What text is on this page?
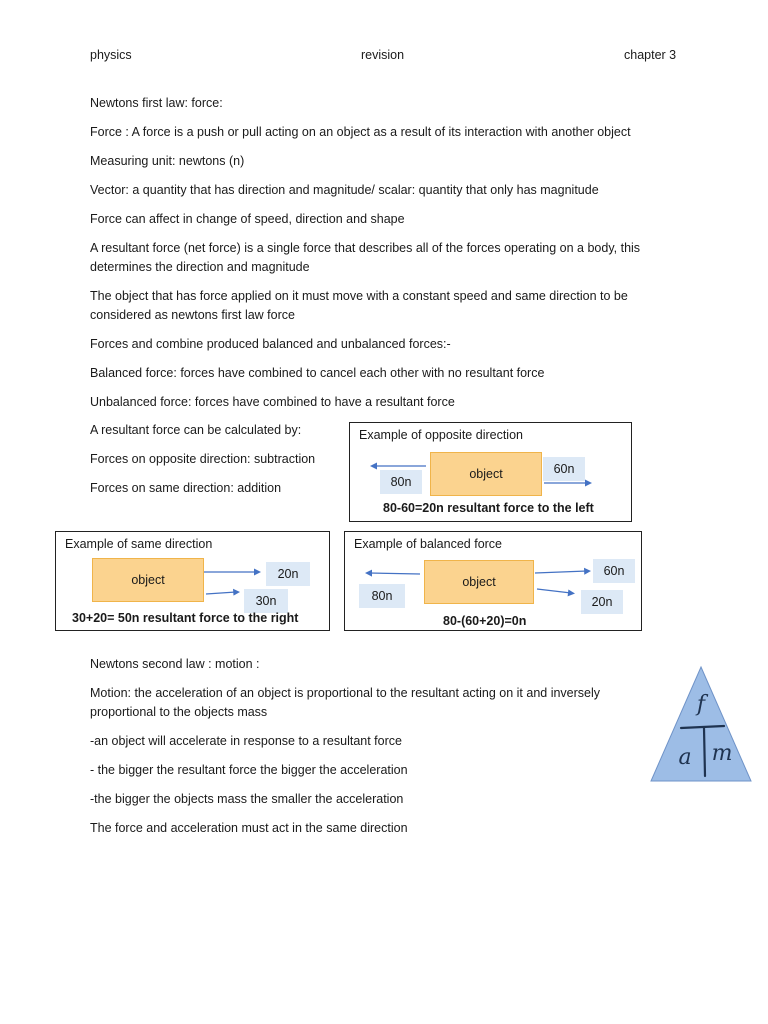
physics	revision	chapter 3
Newtons first law: force:
Force : A force is a push or pull acting on an object as a result of its interaction with another object
Measuring unit: newtons (n)
Vector: a quantity that has direction and magnitude/ scalar: quantity that only has magnitude
Force can affect in change of speed, direction and shape
A resultant force (net force) is a single force that describes all of the forces operating on a body, this determines the direction and magnitude
The object that has force applied on it must move with a constant speed and same direction to be considered as newtons first law force
Forces and combine produced balanced and unbalanced forces:-
Balanced force: forces have combined to cancel each other with no resultant force
Unbalanced force: forces have combined to have a resultant force
A resultant force can be calculated by:
Forces on opposite direction: subtraction
Forces on same direction: addition
Example of opposite direction
object
80n
60n
80-60=20n resultant force to the left
Example of same direction
object	20n
30n
30+20= 50n resultant force to the right
Example of balanced force
object
80n
60n
20n
80-(60+20)=0n
Newtons second law : motion :
Motion: the acceleration of an object is proportional to the resultant acting on it and inversely proportional to the objects mass
-an object will accelerate in response to a resultant force
- the bigger the resultant force the bigger the acceleration
-the bigger the objects mass the smaller the acceleration
The force and acceleration must act in the same direction
f
a m
